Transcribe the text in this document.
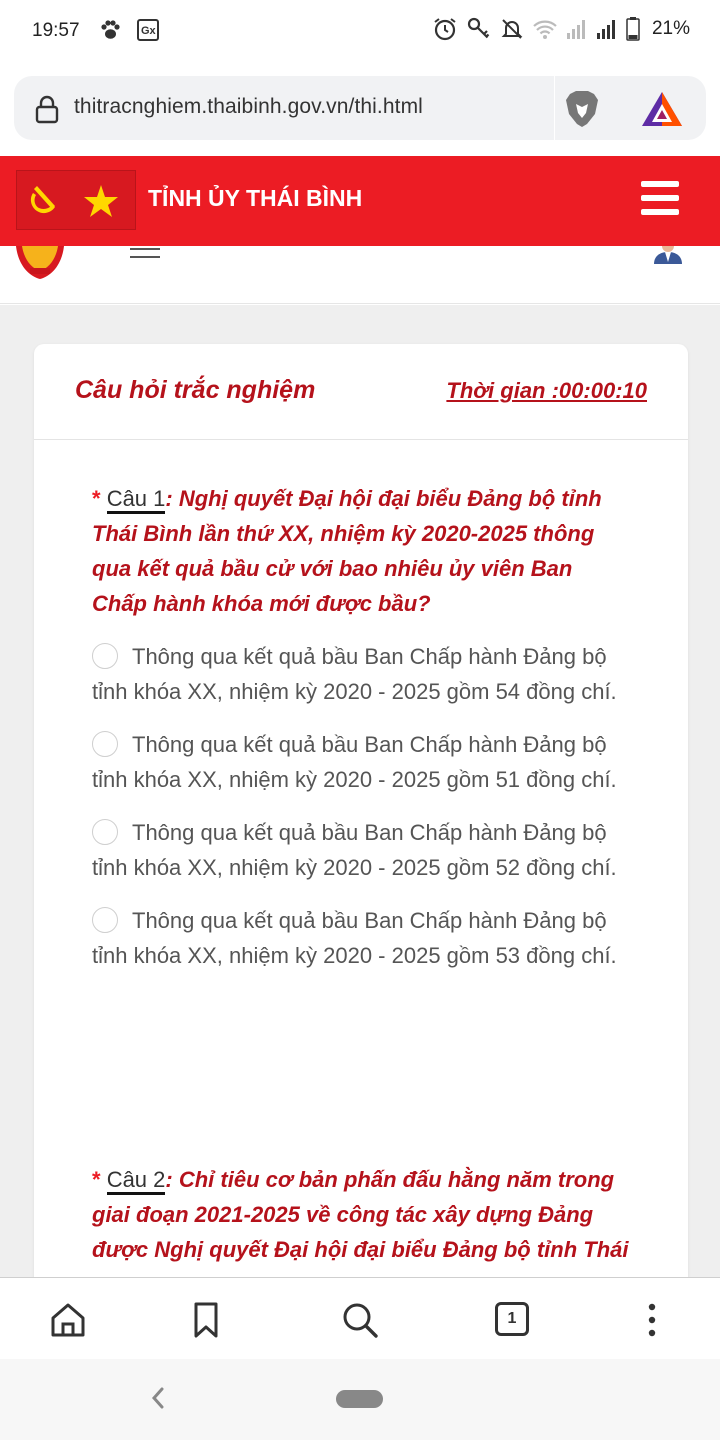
19:57	Gx	21%
thitracnghiem.thaibinh.gov.vn/thi.html
TỈNH ỦY THÁI BÌNH
Câu hỏi trắc nghiệm	Thời gian :00:00:10
* Câu 1: Nghị quyết Đại hội đại biểu Đảng bộ tỉnh Thái Bình lần thứ XX, nhiệm kỳ 2020-2025 thông qua kết quả bầu cử với bao nhiêu ủy viên Ban Chấp hành khóa mới được bầu?
Thông qua kết quả bầu Ban Chấp hành Đảng bộ tỉnh khóa XX, nhiệm kỳ 2020 - 2025 gồm 54 đồng chí.
Thông qua kết quả bầu Ban Chấp hành Đảng bộ tỉnh khóa XX, nhiệm kỳ 2020 - 2025 gồm 51 đồng chí.
Thông qua kết quả bầu Ban Chấp hành Đảng bộ tỉnh khóa XX, nhiệm kỳ 2020 - 2025 gồm 52 đồng chí.
Thông qua kết quả bầu Ban Chấp hành Đảng bộ tỉnh khóa XX, nhiệm kỳ 2020 - 2025 gồm 53 đồng chí.
* Câu 2: Chỉ tiêu cơ bản phấn đấu hằng năm trong giai đoạn 2021-2025 về công tác xây dựng Đảng được Nghị quyết Đại hội đại biểu Đảng bộ tỉnh Thái
1
